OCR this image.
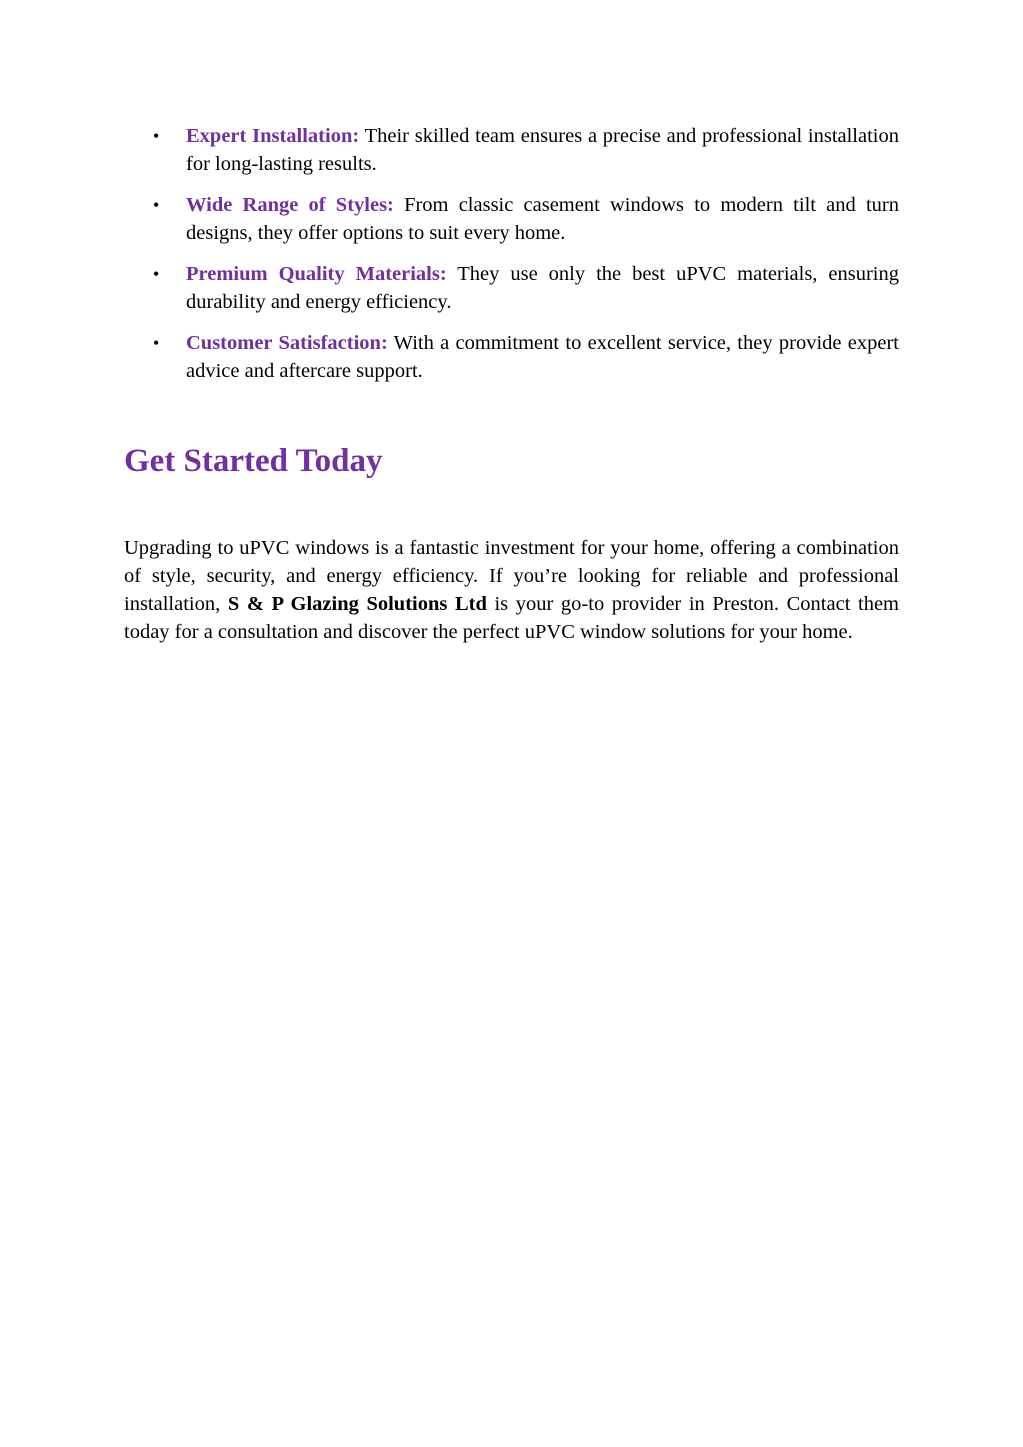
• Expert Installation: Their skilled team ensures a precise and professional installation for long-lasting results.
• Wide Range of Styles: From classic casement windows to modern tilt and turn designs, they offer options to suit every home.
• Premium Quality Materials: They use only the best uPVC materials, ensuring durability and energy efficiency.
• Customer Satisfaction: With a commitment to excellent service, they provide expert advice and aftercare support.
Get Started Today

Upgrading to uPVC windows is a fantastic investment for your home, offering a combination of style, security, and energy efficiency. If you’re looking for reliable and professional installation, S & P Glazing Solutions Ltd is your go-to provider in Preston. Contact them today for a consultation and discover the perfect uPVC window solutions for your home.
